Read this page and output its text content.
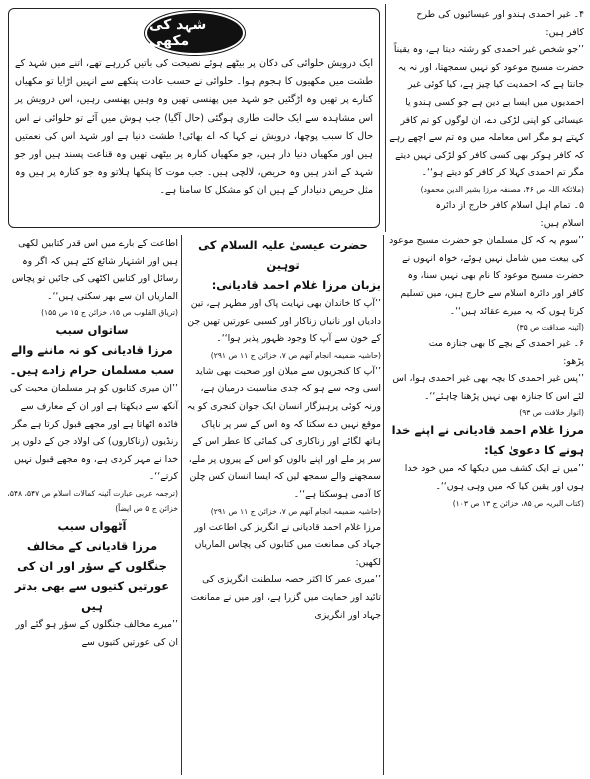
شہد کی مکھی

ایک درویش حلوائی کی دکان پر بیٹھے ہوئے نصیحت کی باتیں کررہے تھے، اتنے میں شہد کے طشت میں مکھیوں کا ہجوم ہوا۔ حلوائی نے حسب عادت پنکھے سے انہیں اڑایا تو مکھیاں کنارے پر تھیں وہ اڑگئیں جو شہد میں پھنسی تھیں وہ وہیں پھنسی رہیں، اس درویش پر اس مشاہدہ سے ایک حالت طاری ہوگئی (حال آگیا) جب ہوش میں آئے تو حلوائی نے اس حال کا سبب پوچھا، درویش نے کہا کہ اے بھائی! طشت دنیا ہے اور شہد اس کی نعمتیں ہیں اور مکھیاں دنیا دار ہیں، جو مکھیاں کنارہ پر بیٹھی تھیں وہ قناعت پسند ہیں اور جو شہد کے اندر ہیں وہ حریص، لالچی ہیں۔ جب موت کا پنکھا ہلاتو وہ جو کنارہ پر ہیں وہ مثل حریص دنیادار کے ہیں ان کو مشکل کا سامنا ہے۔

۴۔ غیر احمدی ہندو اور عیسائیوں کی طرح

کافر ہیں:

’’جو شخص غیر احمدی کو رشتہ دیتا ہے، وہ یقیناً حضرت مسیح موعود کو نہیں سمجھتا، اور نہ یہ جانتا ہے کہ احمدیت کیا چیز ہے، کیا کوئی غیر احمدیوں میں ایسا بے دین ہے جو کسی ہندو یا عیسائی کو اپنی لڑکی دے، ان لوگوں کو تم کافر کہتے ہو مگر اس معاملہ میں وہ تم سے اچھے رہے کہ کافر ہوکر بھی کسی کافر کو لڑکی نہیں دیتے مگر تم احمدی کہلا کر کافر کو دیتے ہو‘‘۔

(ملائکۃ اللہ ص ۴۶، مصنفہ مرزا بشیر الدین محمود)

۵۔ تمام اہل اسلام کافر خارج از دائرہ

اسلام ہیں:

’’سوم یہ کہ کل مسلمان جو حضرت مسیح موعود کی بیعت میں شامل نہیں ہوئے، خواہ انہوں نے حضرت مسیح موعود کا نام بھی نہیں سنا، وہ کافر اور دائرہ اسلام سے خارج ہیں، میں تسلیم کرتا ہوں کہ یہ میرے عقائد ہیں‘‘۔

(آئینہ صداقت ص ۳۵)

۶۔ غیر احمدی کے بچے کا بھی جنازہ مت

پڑھو:

’’پس غیر احمدی کا بچہ بھی غیر احمدی ہوا، اس لئے اس کا جنازہ بھی نہیں پڑھنا چاہئے‘‘۔

(انوار خلافت ص ۹۳)

مرزا غلام احمد قادیانی نے اپنے خدا ہونے کا دعویٰ کیا:

’’میں نے ایک کشف میں دیکھا کہ میں خود خدا ہوں اور یقین کیا کہ میں وہی ہوں‘‘۔

(کتاب البریہ ص ۸۵، خزائن ج ۱۳ ص ۱۰۳)

حضرت عیسیٰ علیہ السلام کی توہین

بزبان مرزا غلام احمد قادیانی:

’’آپ کا خاندان بھی نہایت پاک اور مطہر ہے، تین دادیاں اور نانیاں زناکار اور کسبی عورتیں تھیں جن کے خون سے آپ کا وجود ظہور پذیر ہوا‘‘۔

(حاشیہ ضمیمہ انجام آتھم ص ۷، خزائن ج ۱۱ ص ۲۹۱)

’’آپ کا کنجریوں سے میلان اور صحبت بھی شاید اسی وجہ سے ہو کہ جدی مناسبت درمیان ہے، ورنہ کوئی پرہیزگار انسان ایک جوان کنجری کو یہ موقع نہیں دے سکتا کہ وہ اس کے سر پر ناپاک ہاتھ لگائے اور زناکاری کی کمائی کا عطر اس کے سر پر ملے اور اپنے بالوں کو اس کے پیروں پر ملے، سمجھنے والے سمجھ لیں کہ ایسا انسان کس چلن کا آدمی ہوسکتا ہے‘‘۔

(حاشیہ ضمیمہ انجام آتھم ص ۷، خزائن ج ۱۱ ص ۲۹۱)

مرزا غلام احمد قادیانی نے انگریز کی اطاعت اور جہاد کی ممانعت میں کتابوں کی پچاس الماریاں لکھیں:

’’میری عمر کا اکثر حصہ سلطنت انگریزی کی تائید اور حمایت میں گزرا ہے، اور میں نے ممانعت جہاد اور انگریزی

اطاعت کے بارے میں اس قدر کتابیں لکھی ہیں اور اشتہار شائع کئے ہیں کہ اگر وہ رسائل اور کتابیں اکٹھی کی جائیں تو پچاس الماریاں ان سے بھر سکتی ہیں‘‘۔

(تریاق القلوب ص ۱۵، خزائن ج ۱۵ ص ۱۵۵)

ساتواں سبب

مرزا قادیانی کو نہ ماننے والے سب مسلمان حرام زادے ہیں۔

’’ان میری کتابوں کو ہر مسلمان محبت کی آنکھ سے دیکھتا ہے اور ان کے معارف سے فائدہ اٹھاتا ہے اور مجھے قبول کرتا ہے مگر رنڈیوں (زناکاروں) کی اولاد جن کے دلوں پر خدا نے مہر کردی ہے، وہ مجھے قبول نہیں کرتے‘‘۔

(ترجمہ عربی عبارت آئینہ کمالات اسلام ص ۵۴۷، ۵۴۸، خزائن ج ۵ ص ایضاً)

آٹھواں سبب

مرزا قادیانی کے مخالف جنگلوں کے سؤر اور ان کی عورتیں کتیوں سے بھی بدتر ہیں

’’میرے مخالف جنگلوں کے سؤر ہو گئے اور ان کی عورتیں کتیوں سے
